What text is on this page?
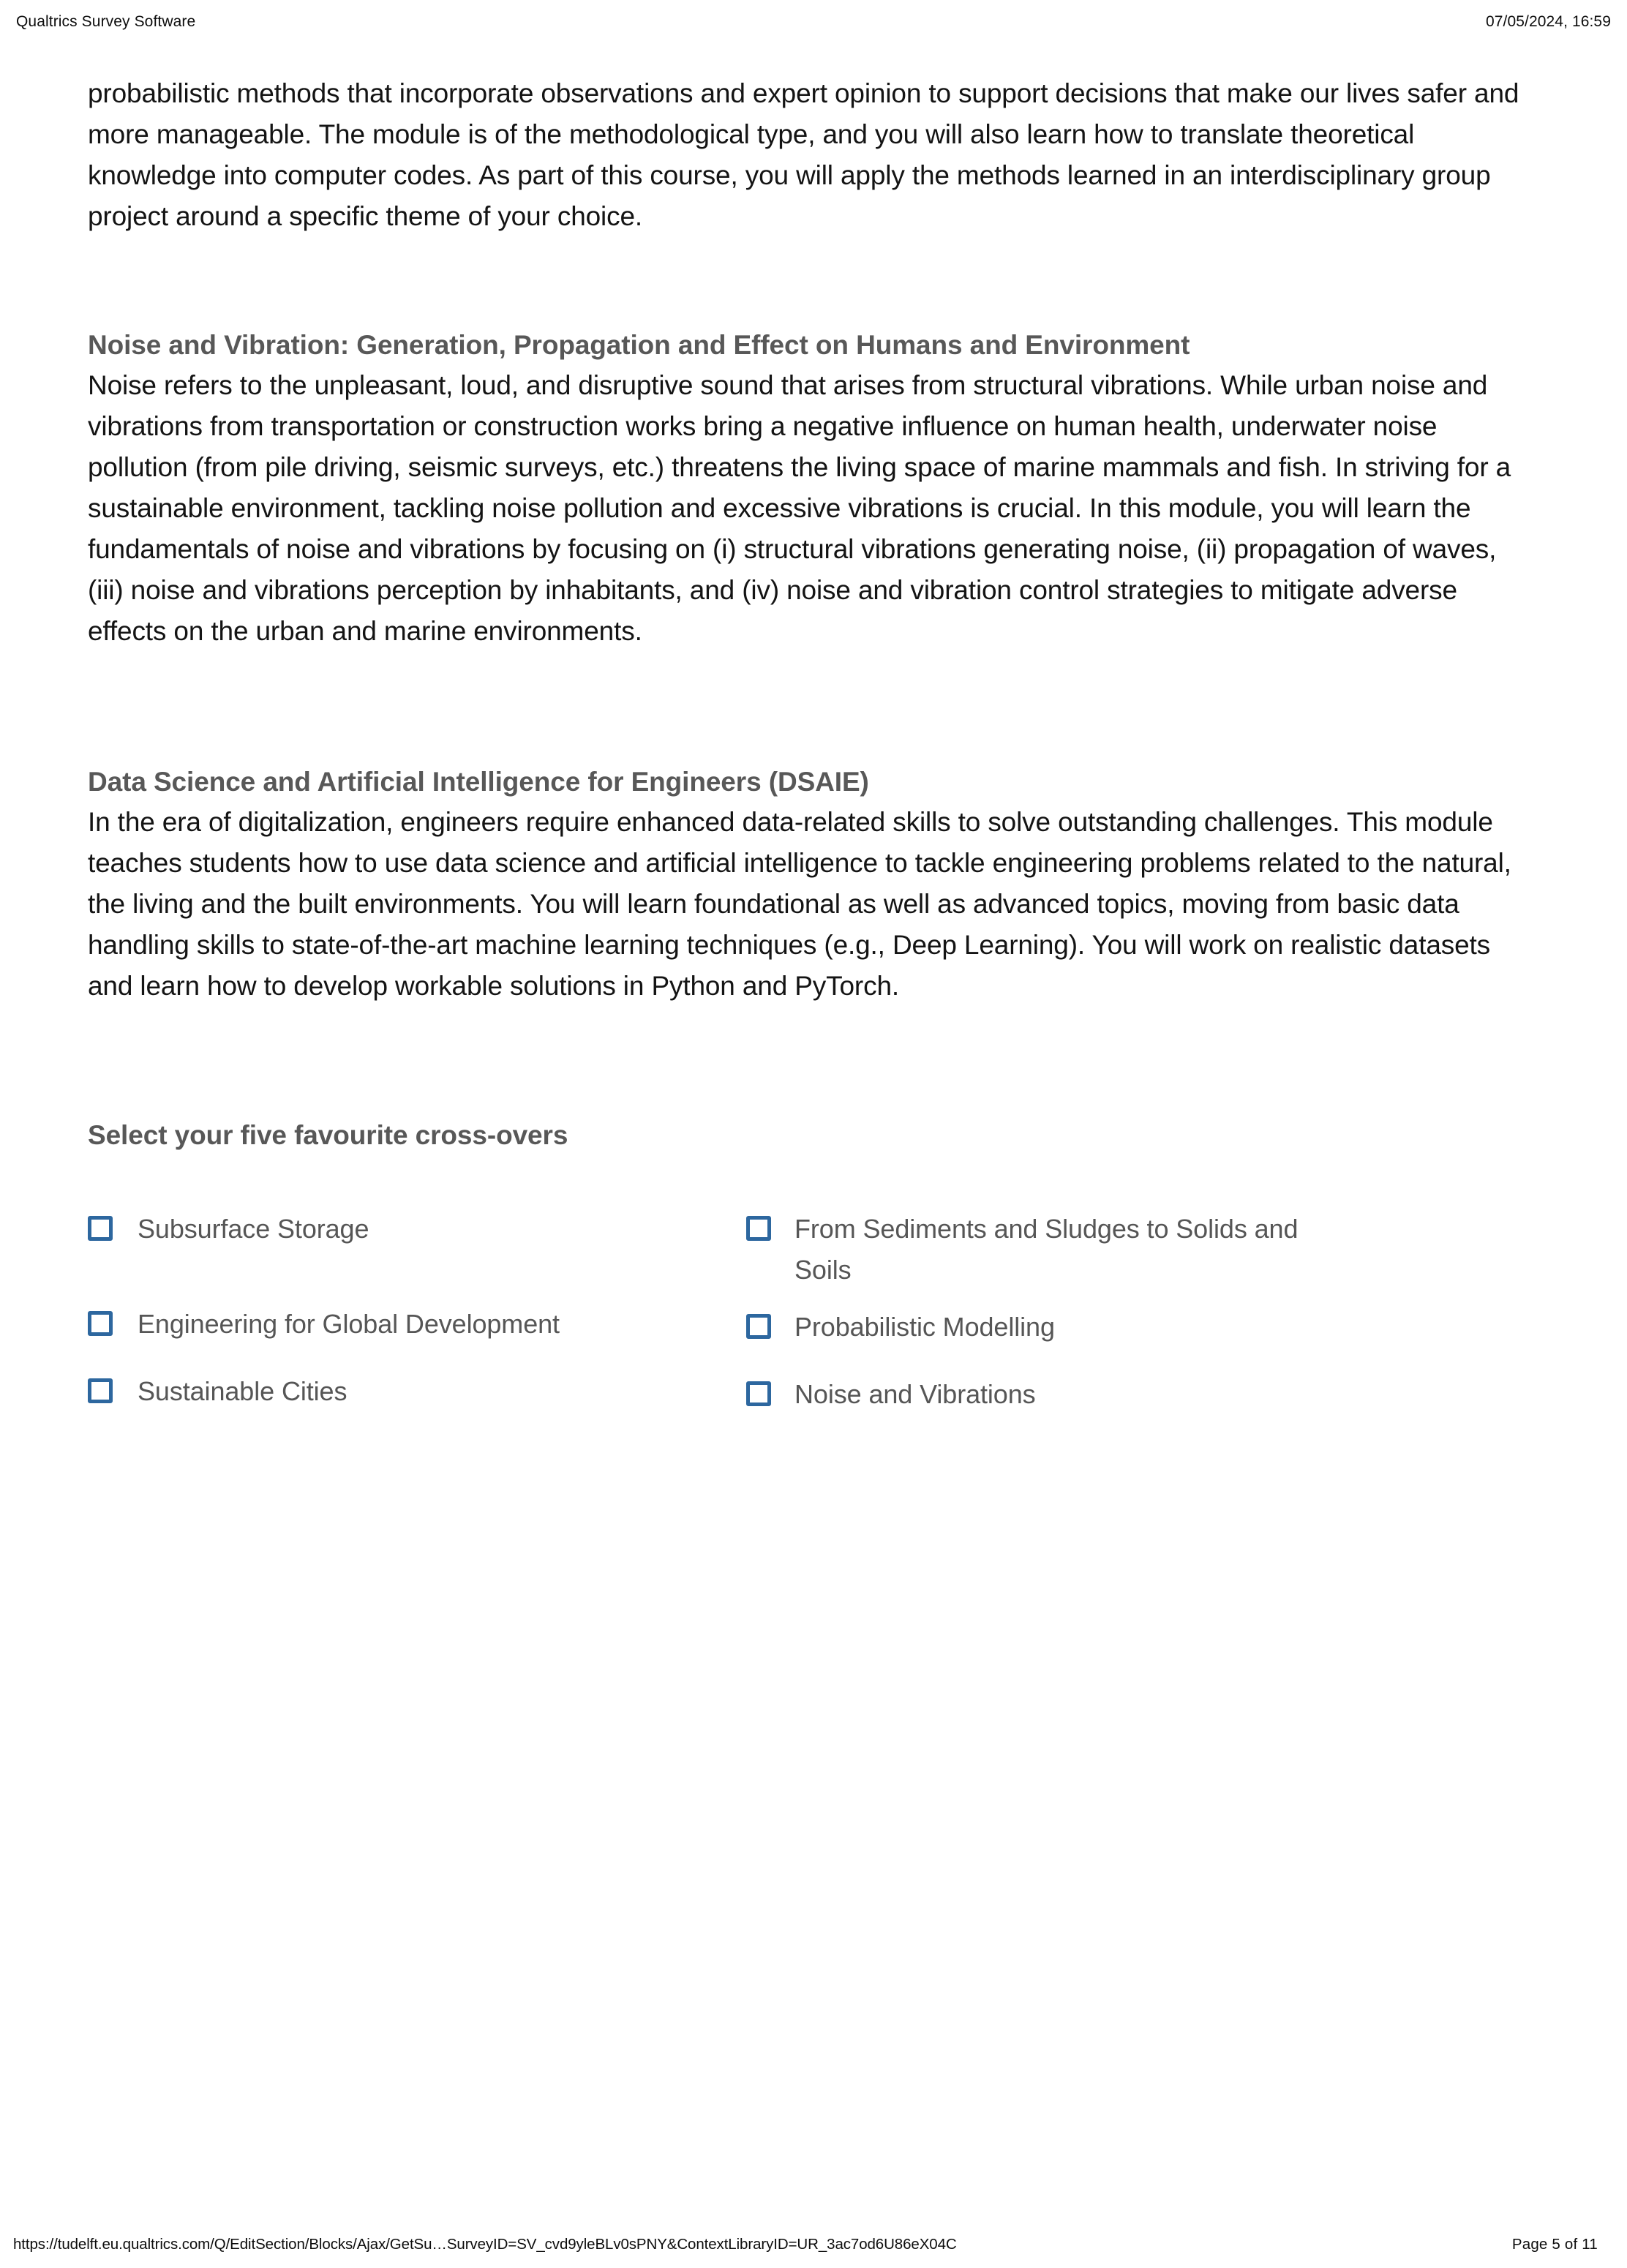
Qualtrics Survey Software	07/05/2024, 16:59

probabilistic methods that incorporate observations and expert opinion to support decisions that make our lives safer and more manageable. The module is of the methodological type, and you will also learn how to translate theoretical knowledge into computer codes. As part of this course, you will apply the methods learned in an interdisciplinary group project around a specific theme of your choice.

Noise and Vibration: Generation, Propagation and Effect on Humans and Environment

Noise refers to the unpleasant, loud, and disruptive sound that arises from structural vibrations. While urban noise and vibrations from transportation or construction works bring a negative influence on human health, underwater noise pollution (from pile driving, seismic surveys, etc.) threatens the living space of marine mammals and fish. In striving for a sustainable environment, tackling noise pollution and excessive vibrations is crucial. In this module, you will learn the fundamentals of noise and vibrations by focusing on (i) structural vibrations generating noise, (ii) propagation of waves, (iii) noise and vibrations perception by inhabitants, and (iv) noise and vibration control strategies to mitigate adverse effects on the urban and marine environments.

Data Science and Artificial Intelligence for Engineers (DSAIE)

In the era of digitalization, engineers require enhanced data-related skills to solve outstanding challenges. This module teaches students how to use data science and artificial intelligence to tackle engineering problems related to the natural, the living and the built environments. You will learn foundational as well as advanced topics, moving from basic data handling skills to state-of-the-art machine learning techniques (e.g., Deep Learning). You will work on realistic datasets and learn how to develop workable solutions in Python and PyTorch.

Select your five favourite cross-overs
Subsurface Storage
Engineering for Global Development
Sustainable Cities
From Sediments and Sludges to Solids and Soils
Probabilistic Modelling
Noise and Vibrations
https://tudelft.eu.qualtrics.com/Q/EditSection/Blocks/Ajax/GetSu…SurveyID=SV_cvd9yleBLv0sPNY&ContextLibraryID=UR_3ac7od6U86eX04C	Page 5 of 11
